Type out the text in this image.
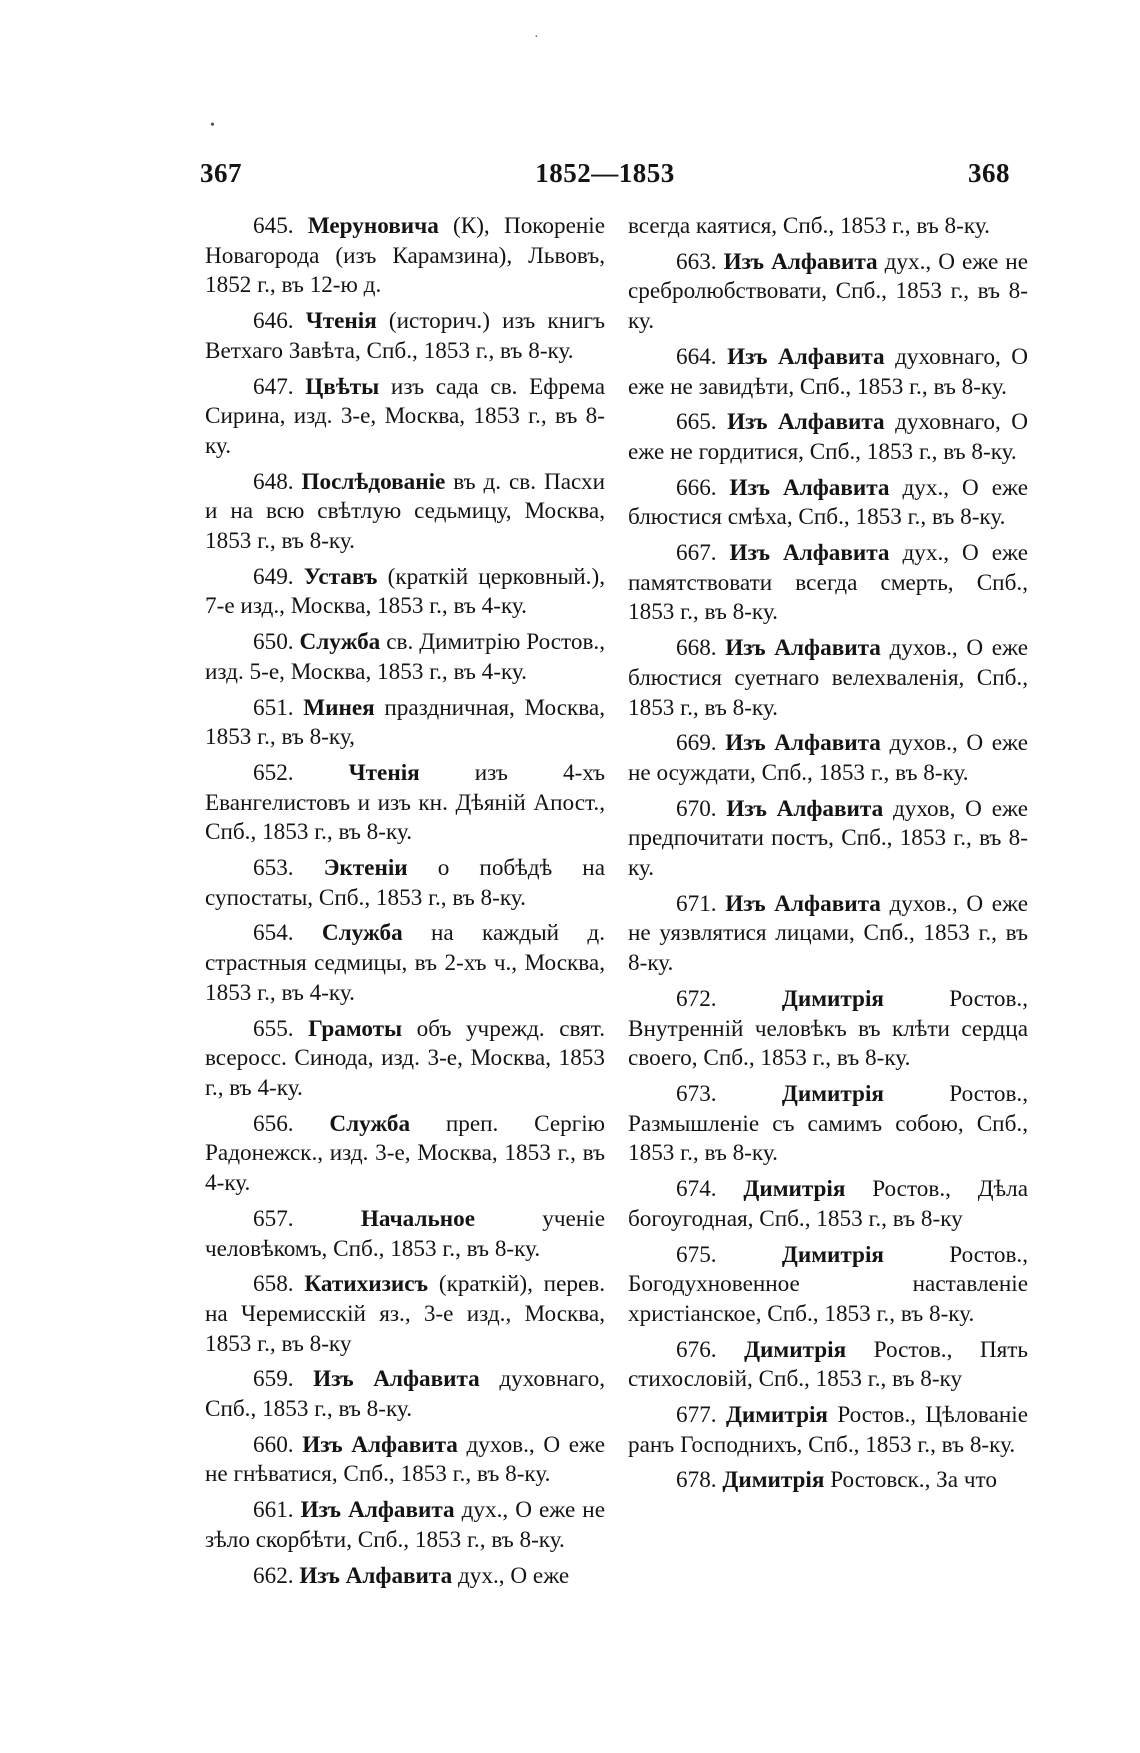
·
•
367	1852—1853	368

645. Меруновича (К), Покореніе Новагорода (изъ Карамзина), Львовъ, 1852 г., въ 12-ю д.

646. Чтенія (историч.) изъ книгъ Ветхаго Завѣта, Спб., 1853 г., въ 8-ку.

647. Цвѣты изъ сада св. Ефрема Сирина, изд. 3-е, Москва, 1853 г., въ 8-ку.

648. Послѣдованіе въ д. св. Пасхи и на всю свѣтлую седьмицу, Москва, 1853 г., въ 8-ку.

649. Уставъ (краткій церковный.), 7-е изд., Москва, 1853 г., въ 4-ку.

650. Служба св. Димитрію Ростов., изд. 5-е, Москва, 1853 г., въ 4-ку.

651. Минея праздничная, Москва, 1853 г., въ 8-ку,

652. Чтенія изъ 4-хъ Евангелистовъ и изъ кн. Дѣяній Апост., Спб., 1853 г., въ 8-ку.

653. Эктеніи о побѣдѣ на супостаты, Спб., 1853 г., въ 8-ку.

654. Служба на каждый д. страстныя седмицы, въ 2-хъ ч., Москва, 1853 г., въ 4-ку.

655. Грамоты объ учрежд. свят. всеросс. Синода, изд. 3-е, Москва, 1853 г., въ 4-ку.

656. Служба преп. Сергію Радонежск., изд. 3-е, Москва, 1853 г., въ 4-ку.

657.	Начальное ученіе человѣкомъ, Спб., 1853 г., въ 8-ку.

658. Катихизисъ (краткій), перев. на Черемисскій яз., 3-е изд., Москва, 1853 г., въ 8-ку

659. Изъ Алфавита духовнаго, Спб., 1853 г., въ 8-ку.

660. Изъ Алфавита духов., О еже не гнѣватися, Спб., 1853 г., въ 8-ку.

661. Изъ Алфавита дух., О еже не зѣло скорбѣти, Спб., 1853 г., въ 8-ку.

662. Изъ Алфавита дух., О еже

всегда каятися, Спб., 1853 г., въ 8-ку.

663. Изъ Алфавита дух., О еже не сребролюбствовати, Спб., 1853 г., въ 8-ку.

664. Изъ Алфавита духовнаго, О еже не завидѣти, Спб., 1853 г., въ 8-ку.

665. Изъ Алфавита духовнаго, О еже не гордитися, Спб., 1853 г., въ 8-ку.

666. Изъ Алфавита дух., О еже блюстися смѣха, Спб., 1853 г., въ 8-ку.

667. Изъ Алфавита дух., О еже памятствовати всегда смерть, Спб., 1853 г., въ 8-ку.

668. Изъ Алфавита духов., О еже блюстися суетнаго велехваленія, Спб., 1853 г., въ 8-ку.

669. Изъ Алфавита духов., О еже не осуждати, Спб., 1853 г., въ 8-ку.

670. Изъ Алфавита духов, О еже предпочитати постъ, Спб., 1853 г., въ 8-ку.

671. Изъ Алфавита духов., О еже не уязвлятися лицами, Спб., 1853 г., въ 8-ку.

672.	Димитрія Ростов., Внутренній человѣкъ въ клѣти сердца своего, Спб., 1853 г., въ 8-ку.

673.	Димитрія Ростов., Размышленіе съ самимъ собою, Спб., 1853 г., въ 8-ку.

674. Димитрія Ростов., Дѣла богоугодная, Спб., 1853 г., въ 8-ку

675.	Димитрія Ростов., Богодухновенное наставленіе христіанское, Спб., 1853 г., въ 8-ку.

676. Димитрія Ростов., Пять стихословій, Спб., 1853 г., въ 8-ку

677. Димитрія Ростов., Цѣлованіе ранъ Господнихъ, Спб., 1853 г., въ 8-ку.

678. Димитрія Ростовск., За что
